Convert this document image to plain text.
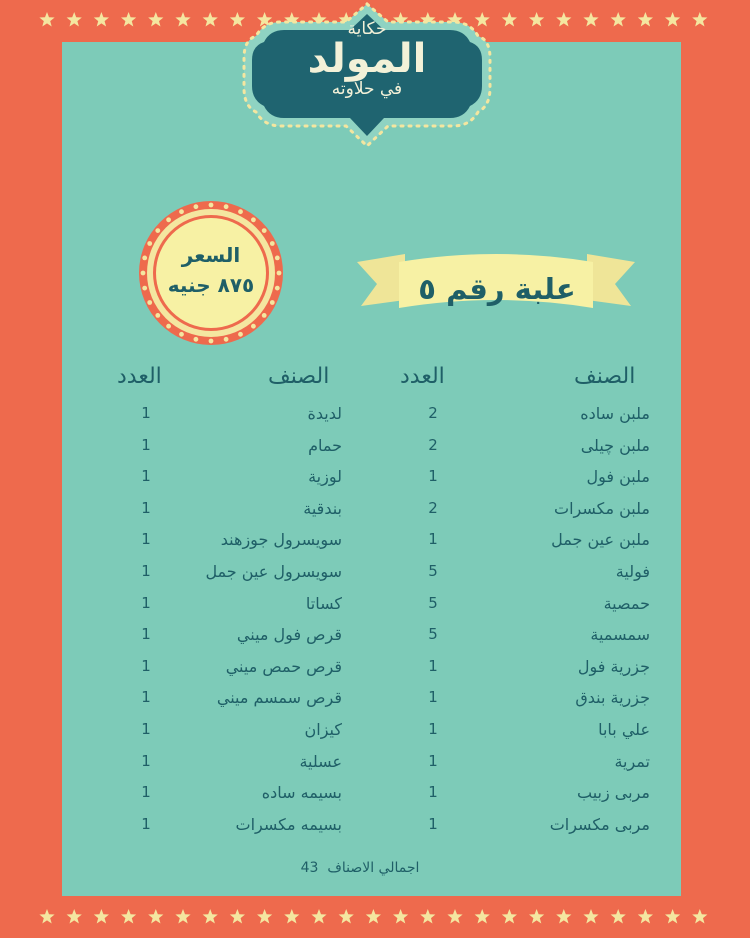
حكاية
المولد
في حلاوته
السعر
٨٧٥ جنيه	علبة رقم ٥
الصنف
العدد
الصنف
العدد
ملبن ساده
2
ملبن چيلى
2
ملبن فول
1
ملبن مكسرات
2
ملبن عين جمل
1
فولية
5
حمصية
5
سمسمية
5
جزرية فول
1
جزرية بندق
1
علي بابا
1
تمرية
1
مربى زبيب
1
مربى مكسرات
1
لديدة
1
حمام
1
لوزية
1
بندقية
1
سويسرول جوزهند
1
سويسرول عين جمل
1
كساتا
1
قرص فول ميني
1
قرص حمص ميني
1
قرص سمسم ميني
1
كيزان
1
عسلية
1
بسيمه ساده
1
بسيمه مكسرات
1
اجمالي الاصناف  43
